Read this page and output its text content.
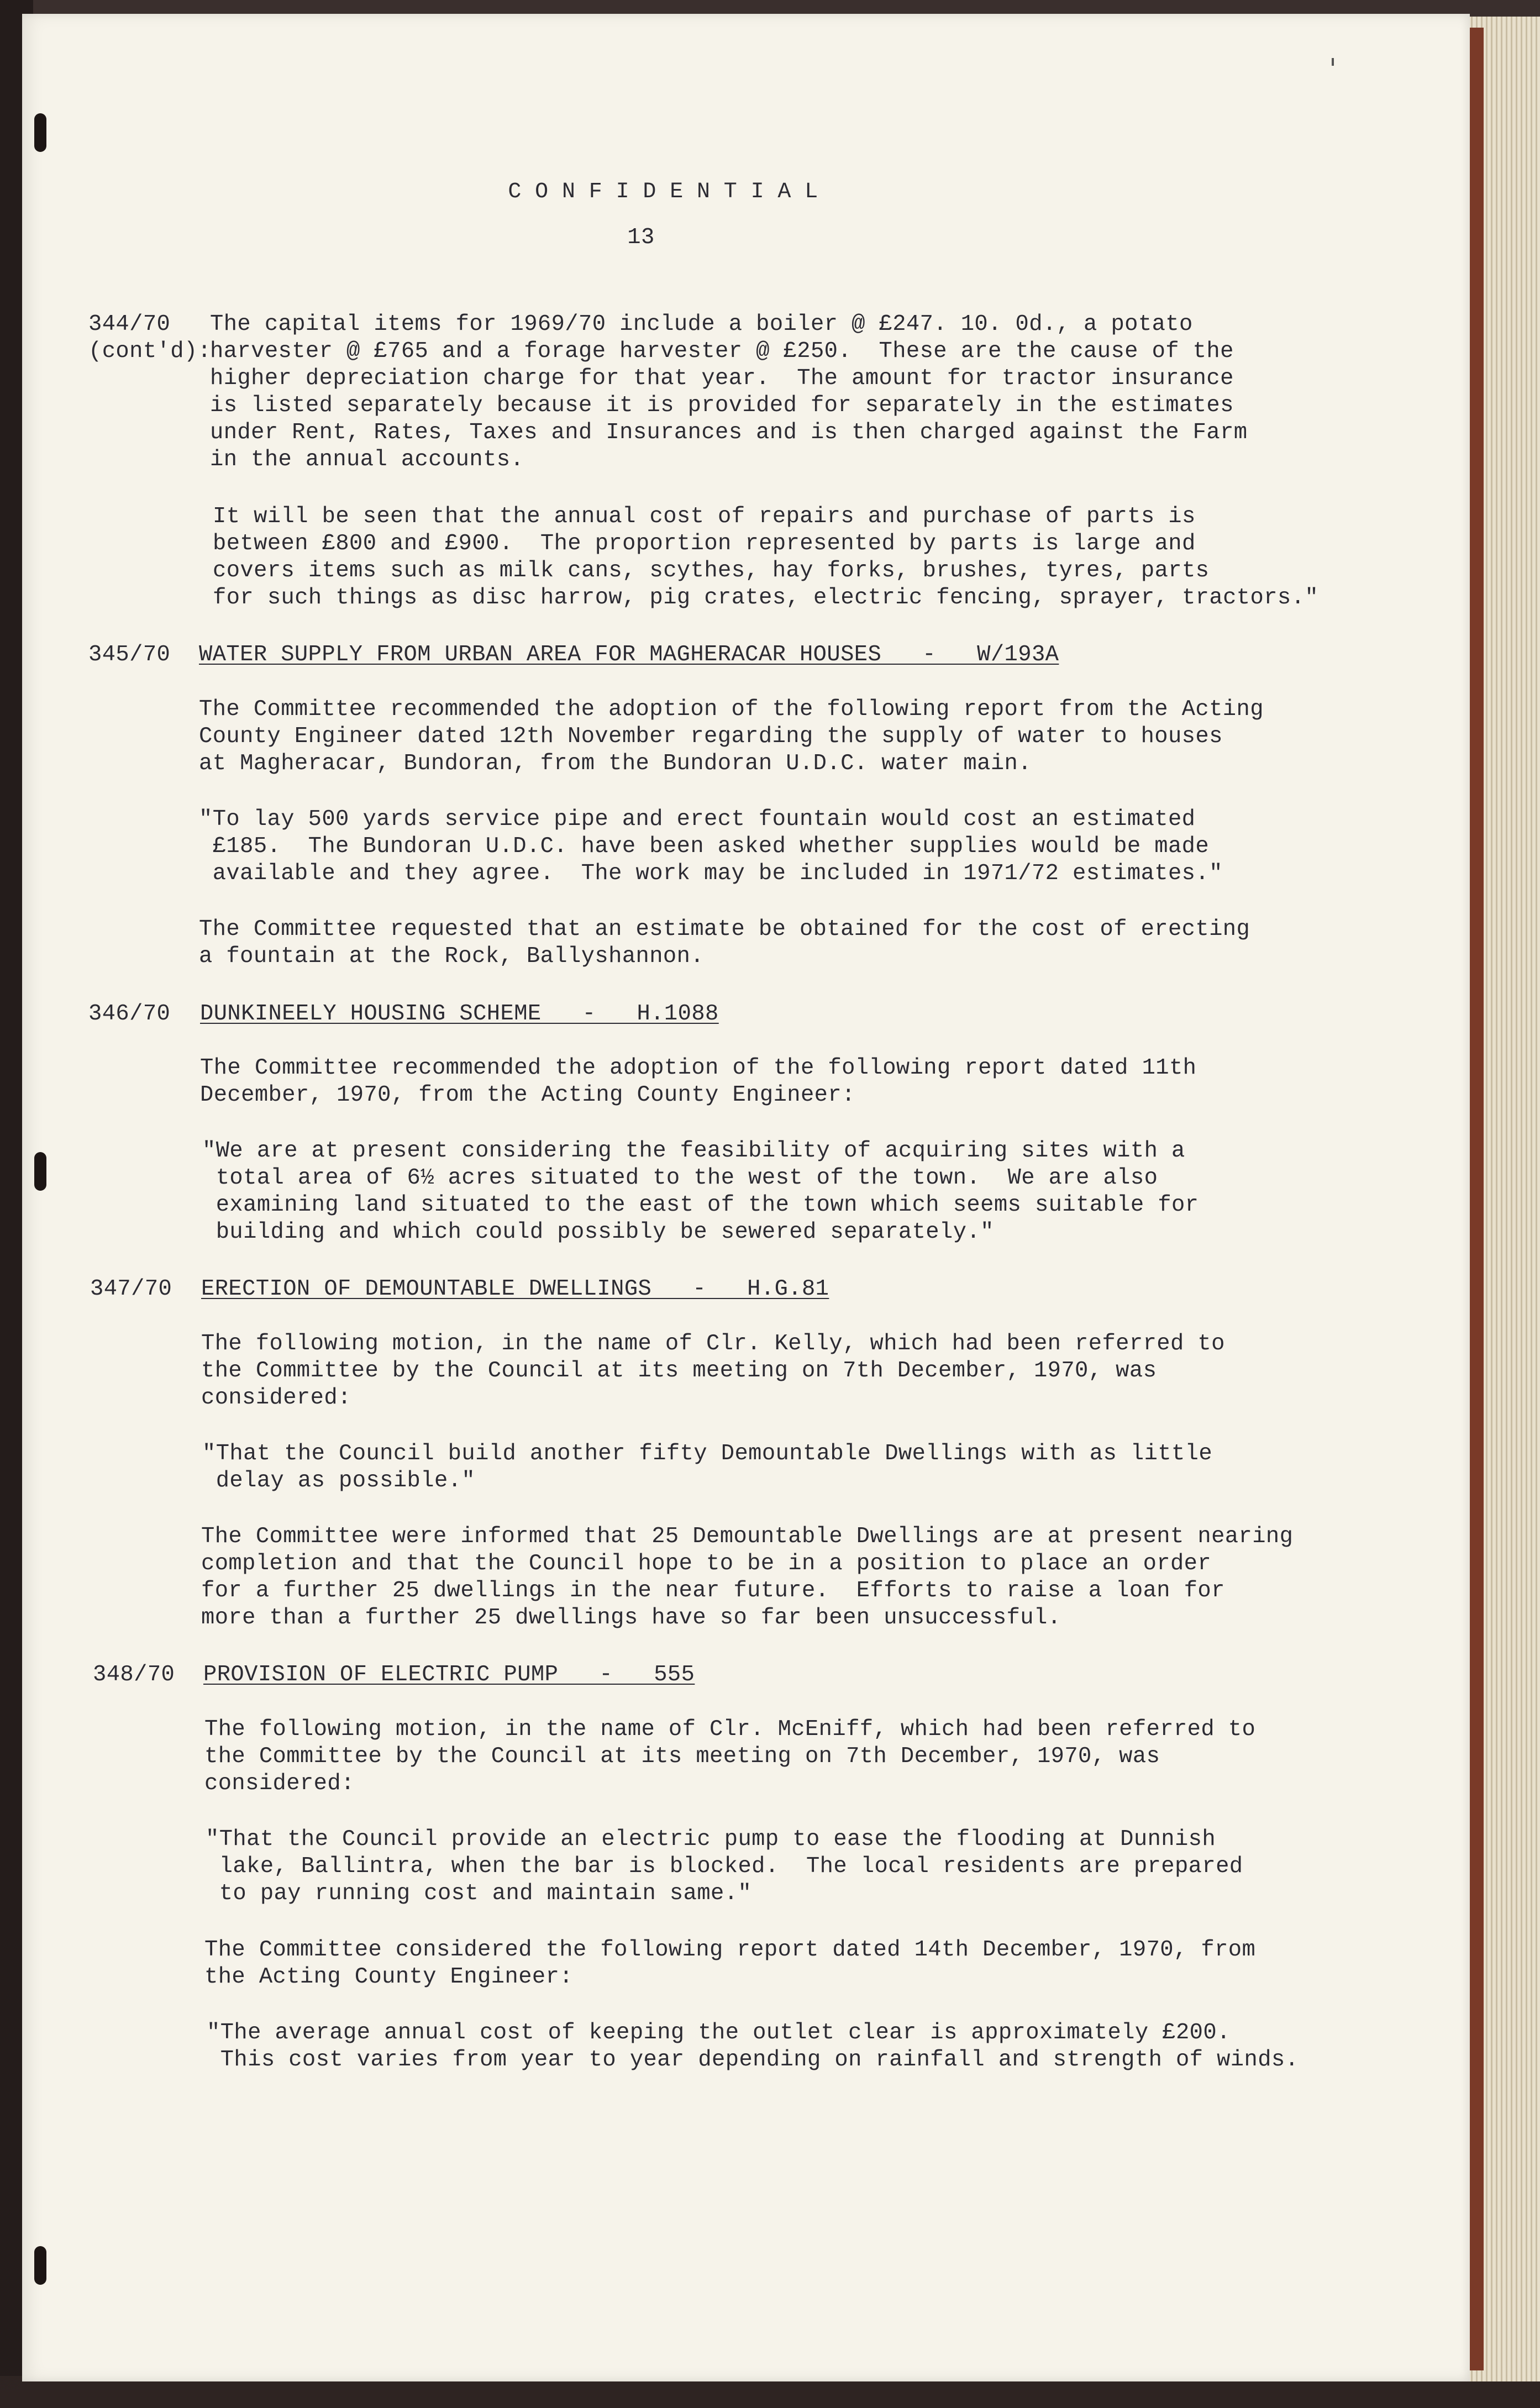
C O N F I D E N T I A L
13
344/70
(cont'd):
The capital items for 1969/70 include a boiler @ £247. 10. 0d., a potato
harvester @ £765 and a forage harvester @ £250.  These are the cause of the
higher depreciation charge for that year.  The amount for tractor insurance
is listed separately because it is provided for separately in the estimates
under Rent, Rates, Taxes and Insurances and is then charged against the Farm
in the annual accounts.
It will be seen that the annual cost of repairs and purchase of parts is
between £800 and £900.  The proportion represented by parts is large and
covers items such as milk cans, scythes, hay forks, brushes, tyres, parts
for such things as disc harrow, pig crates, electric fencing, sprayer, tractors."
345/70 WATER SUPPLY FROM URBAN AREA FOR MAGHERACAR HOUSES   -   W/193A
The Committee recommended the adoption of the following report from the Acting
County Engineer dated 12th November regarding the supply of water to houses
at Magheracar, Bundoran, from the Bundoran U.D.C. water main.
"To lay 500 yards service pipe and erect fountain would cost an estimated
£185.  The Bundoran U.D.C. have been asked whether supplies would be made
available and they agree.  The work may be included in 1971/72 estimates."
The Committee requested that an estimate be obtained for the cost of erecting
a fountain at the Rock, Ballyshannon.
346/70 DUNKINEELY HOUSING SCHEME   -   H.1088
The Committee recommended the adoption of the following report dated 11th
December, 1970, from the Acting County Engineer:
"We are at present considering the feasibility of acquiring sites with a
total area of 6½ acres situated to the west of the town.  We are also
examining land situated to the east of the town which seems suitable for
building and which could possibly be sewered separately."
347/70 ERECTION OF DEMOUNTABLE DWELLINGS   -   H.G.81
The following motion, in the name of Clr. Kelly, which had been referred to
the Committee by the Council at its meeting on 7th December, 1970, was
considered:
"That the Council build another fifty Demountable Dwellings with as little
delay as possible."
The Committee were informed that 25 Demountable Dwellings are at present nearing
completion and that the Council hope to be in a position to place an order
for a further 25 dwellings in the near future.  Efforts to raise a loan for
more than a further 25 dwellings have so far been unsuccessful.
348/70 PROVISION OF ELECTRIC PUMP   -   555
The following motion, in the name of Clr. McEniff, which had been referred to
the Committee by the Council at its meeting on 7th December, 1970, was
considered:
"That the Council provide an electric pump to ease the flooding at Dunnish
lake, Ballintra, when the bar is blocked.  The local residents are prepared
to pay running cost and maintain same."
The Committee considered the following report dated 14th December, 1970, from
the Acting County Engineer:
"The average annual cost of keeping the outlet clear is approximately £200.
This cost varies from year to year depending on rainfall and strength of winds.
